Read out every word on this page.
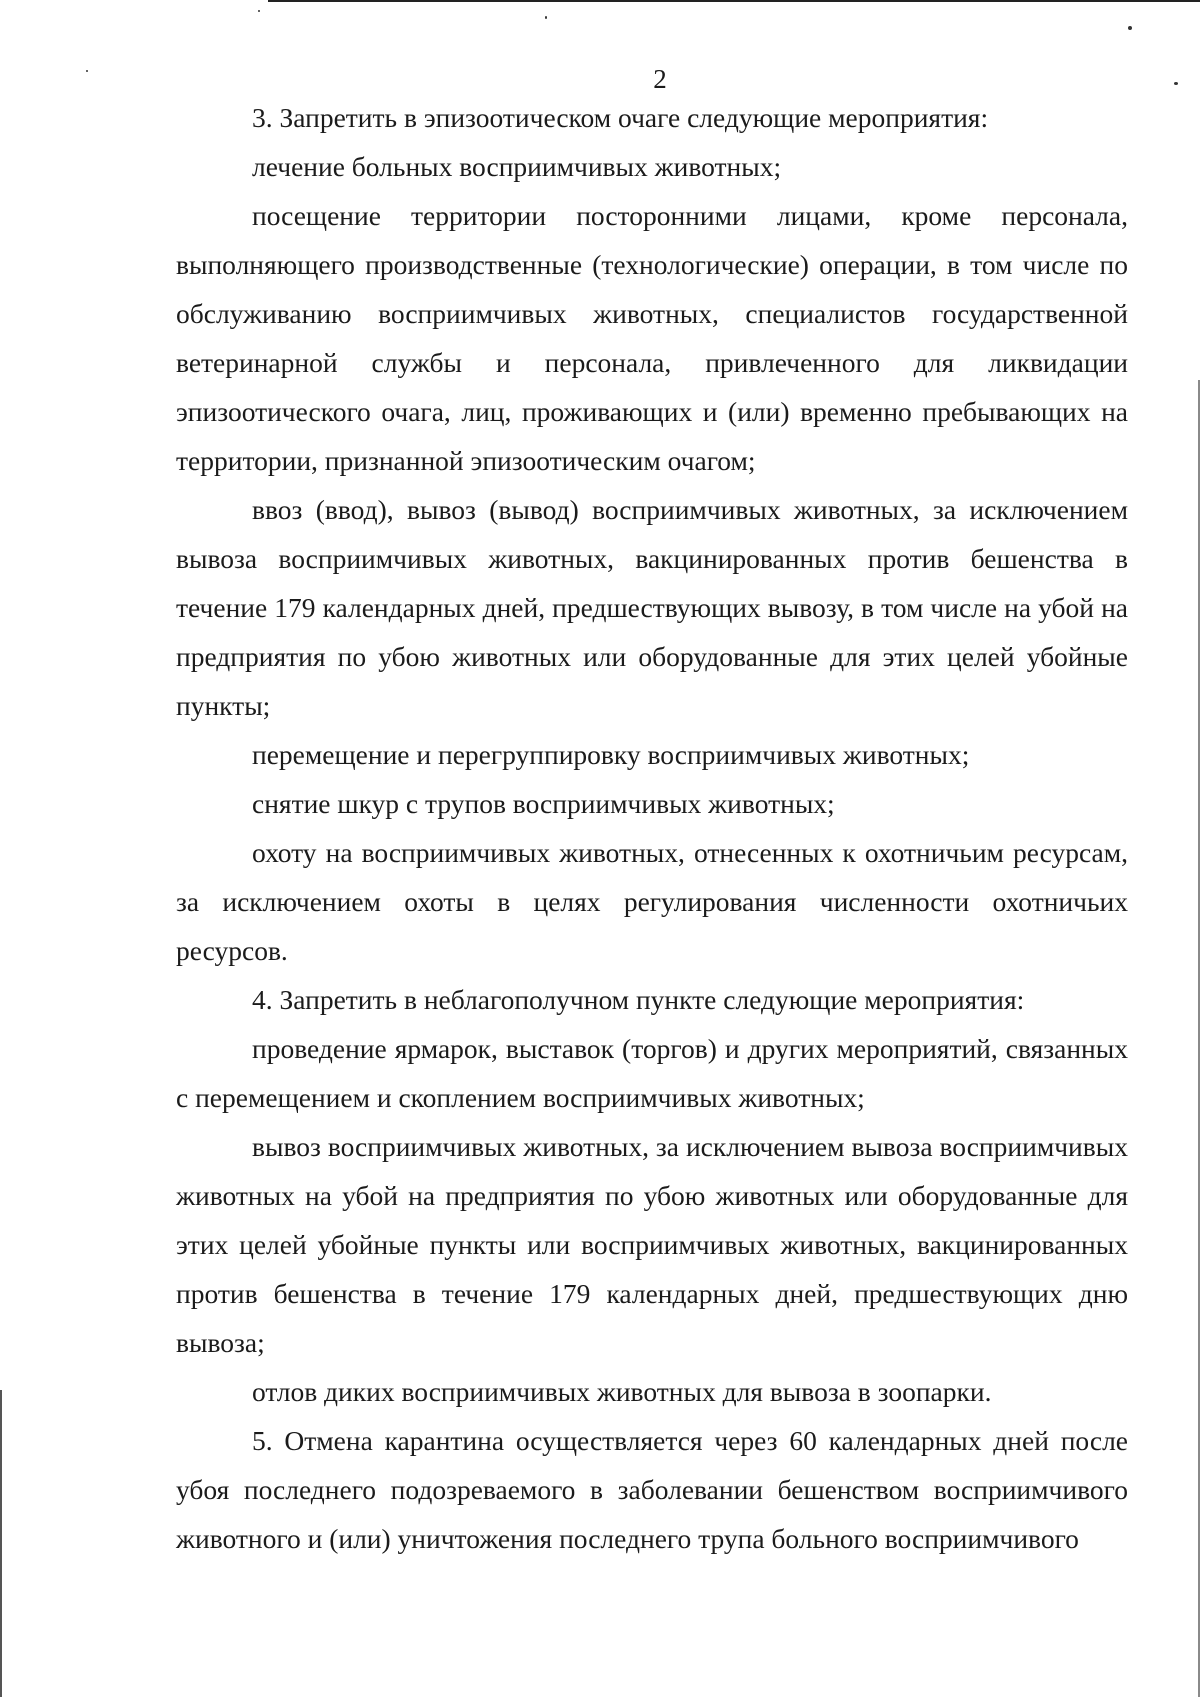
2

3. Запретить в эпизоотическом очаге следующие мероприятия:

лечение больных восприимчивых животных;

посещение территории посторонними лицами, кроме персонала, выполняющего производственные (технологические) операции, в том числе по обслуживанию восприимчивых животных, специалистов государственной ветеринарной службы и персонала, привлеченного для ликвидации эпизоотического очага, лиц, проживающих и (или) временно пребывающих на территории, признанной эпизоотическим очагом;

ввоз (ввод), вывоз (вывод) восприимчивых животных, за исключением вывоза восприимчивых животных, вакцинированных против бешенства в течение 179 календарных дней, предшествующих вывозу, в том числе на убой на предприятия по убою животных или оборудованные для этих целей убойные пункты;

перемещение и перегруппировку восприимчивых животных;

снятие шкур с трупов восприимчивых животных;

охоту на восприимчивых животных, отнесенных к охотничьим ресурсам, за исключением охоты в целях регулирования численности охотничьих ресурсов.

4. Запретить в неблагополучном пункте следующие мероприятия:

проведение ярмарок, выставок (торгов) и других мероприятий, связанных с перемещением и скоплением восприимчивых животных;

вывоз восприимчивых животных, за исключением вывоза восприимчивых животных на убой на предприятия по убою животных или оборудованные для этих целей убойные пункты или восприимчивых животных, вакцинированных против бешенства в течение 179 календарных дней, предшествующих дню вывоза;

отлов диких восприимчивых животных для вывоза в зоопарки.

5. Отмена карантина осуществляется через 60 календарных дней после убоя последнего подозреваемого в заболевании бешенством восприимчивого животного и (или) уничтожения последнего трупа больного восприимчивого
